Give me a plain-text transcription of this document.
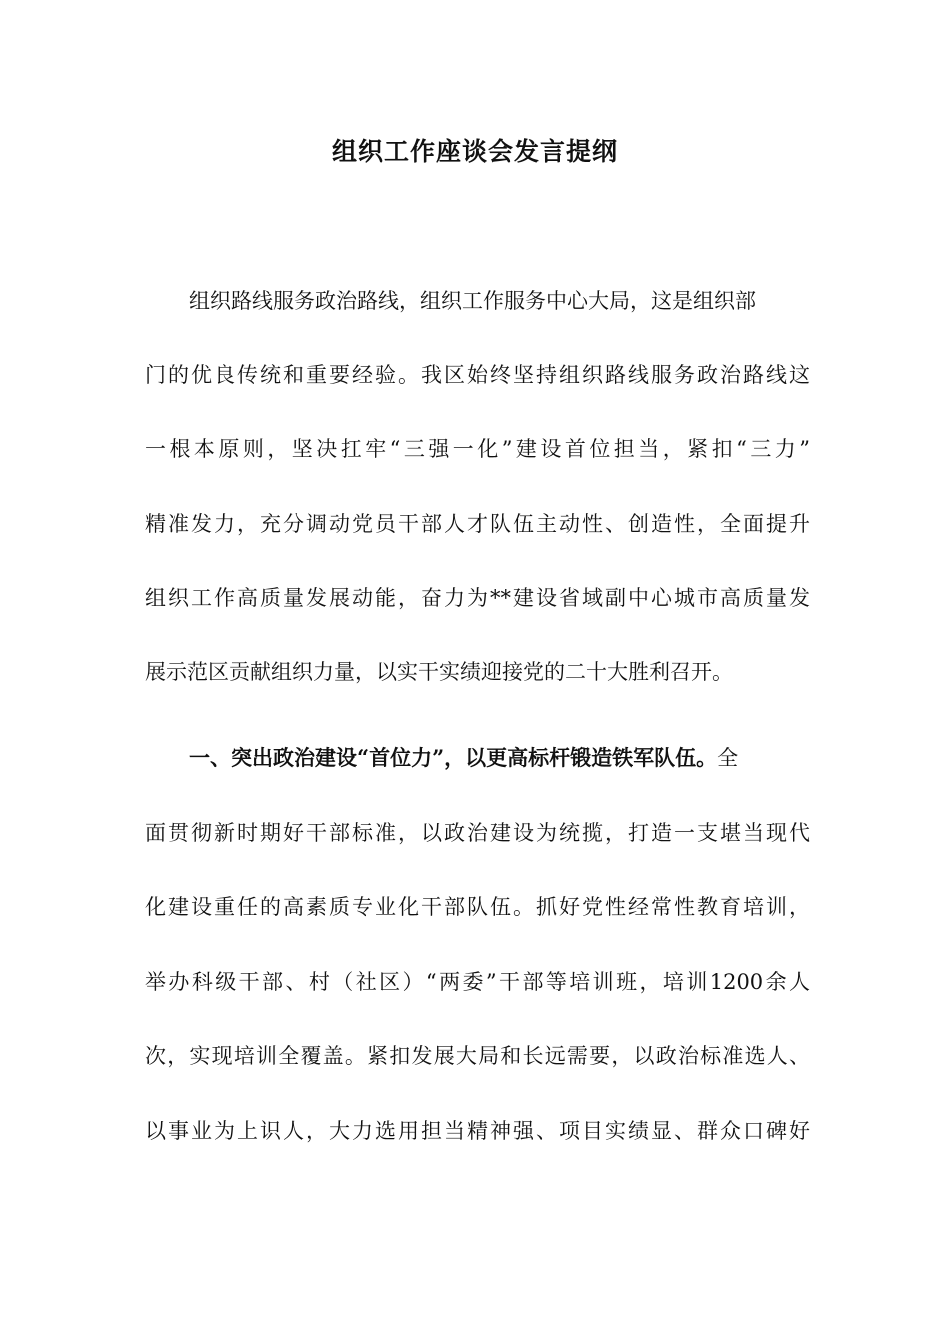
组织工作座谈会发言提纲
组织路线服务政治路线，组织工作服务中心大局，这是组织部
门的优良传统和重要经验。我区始终坚持组织路线服务政治路线这
一根本原则，坚决扛牢“三强一化”建设首位担当，紧扣“三力”
精准发力，充分调动党员干部人才队伍主动性、创造性，全面提升
组织工作高质量发展动能，奋力为**建设省域副中心城市高质量发
展示范区贡献组织力量，以实干实绩迎接党的二十大胜利召开。
一、突出政治建设“首位力”，以更高标杆锻造铁军队伍。全
面贯彻新时期好干部标准，以政治建设为统揽，打造一支堪当现代
化建设重任的高素质专业化干部队伍。抓好党性经常性教育培训，
举办科级干部、村（社区）“两委”干部等培训班，培训1200余人
次，实现培训全覆盖。紧扣发展大局和长远需要，以政治标准选人、
以事业为上识人，大力选用担当精神强、项目实绩显、群众口碑好
